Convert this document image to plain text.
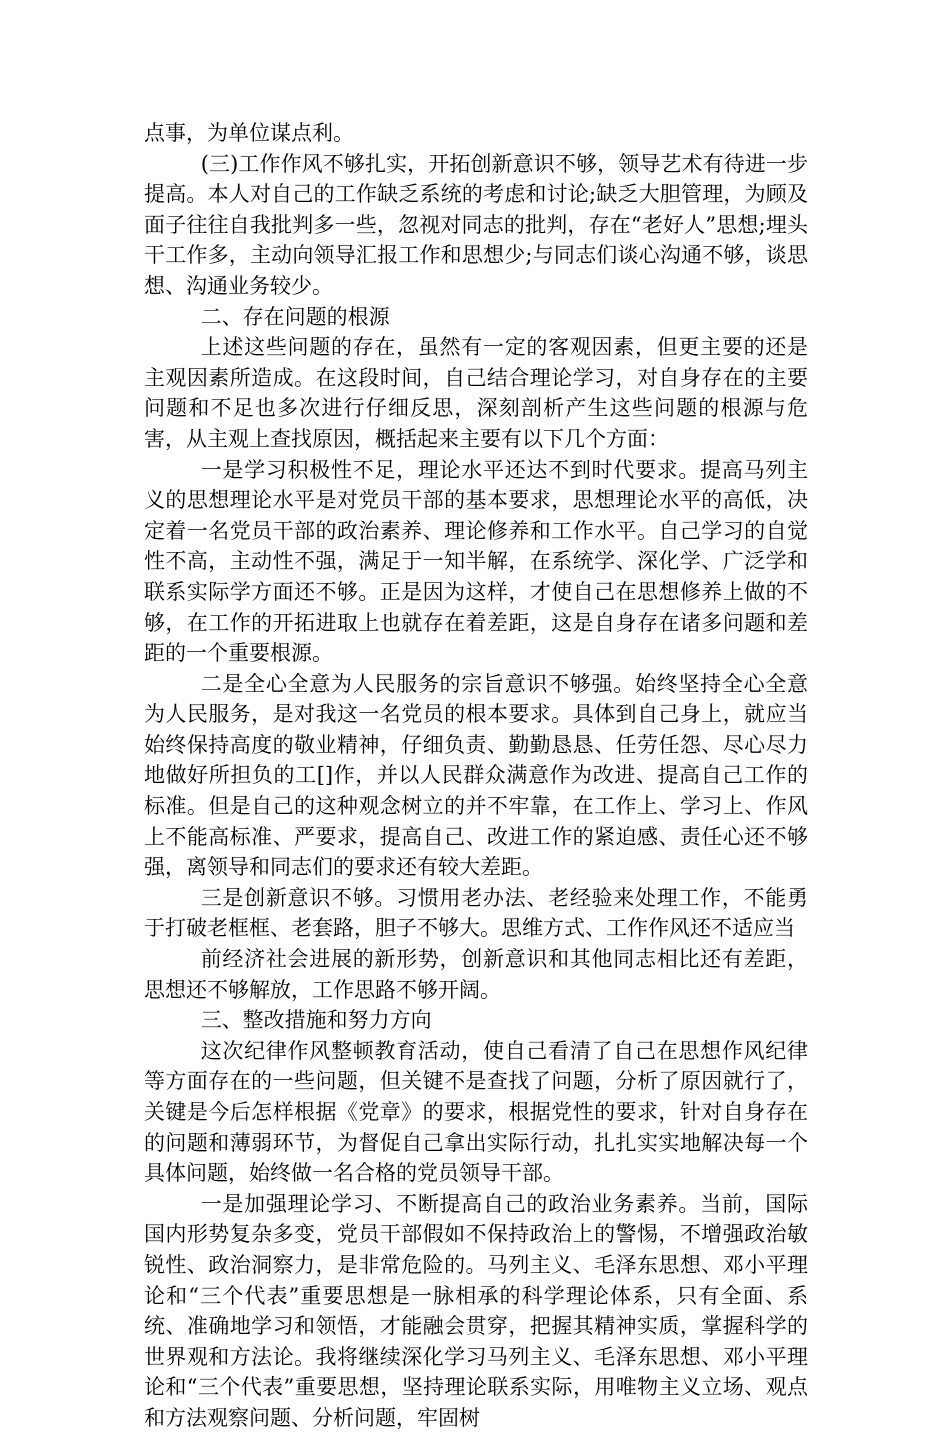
点事，为单位谋点利。

(三)工作作风不够扎实，开拓创新意识不够，领导艺术有待进一步提高。本人对自己的工作缺乏系统的考虑和讨论;缺乏大胆管理，为顾及面子往往自我批判多一些，忽视对同志的批判，存在“老好人”思想;埋头干工作多，主动向领导汇报工作和思想少;与同志们谈心沟通不够，谈思想、沟通业务较少。

二、存在问题的根源

上述这些问题的存在，虽然有一定的客观因素，但更主要的还是主观因素所造成。在这段时间，自己结合理论学习，对自身存在的主要问题和不足也多次进行仔细反思，深刻剖析产生这些问题的根源与危害，从主观上查找原因，概括起来主要有以下几个方面：

一是学习积极性不足，理论水平还达不到时代要求。提高马列主义的思想理论水平是对党员干部的基本要求，思想理论水平的高低，决定着一名党员干部的政治素养、理论修养和工作水平。自己学习的自觉性不高，主动性不强，满足于一知半解，在系统学、深化学、广泛学和联系实际学方面还不够。正是因为这样，才使自己在思想修养上做的不够，在工作的开拓进取上也就存在着差距，这是自身存在诸多问题和差距的一个重要根源。

二是全心全意为人民服务的宗旨意识不够强。始终坚持全心全意为人民服务，是对我这一名党员的根本要求。具体到自己身上，就应当始终保持高度的敬业精神，仔细负责、勤勤恳恳、任劳任怨、尽心尽力地做好所担负的工[]作，并以人民群众满意作为改进、提高自己工作的标准。但是自己的这种观念树立的并不牢靠，在工作上、学习上、作风上不能高标准、严要求，提高自己、改进工作的紧迫感、责任心还不够强，离领导和同志们的要求还有较大差距。

三是创新意识不够。习惯用老办法、老经验来处理工作，不能勇于打破老框框、老套路，胆子不够大。思维方式、工作作风还不适应当

前经济社会进展的新形势，创新意识和其他同志相比还有差距，思想还不够解放，工作思路不够开阔。

三、整改措施和努力方向

这次纪律作风整顿教育活动，使自己看清了自己在思想作风纪律等方面存在的一些问题，但关键不是查找了问题，分析了原因就行了，关键是今后怎样根据《党章》的要求，根据党性的要求，针对自身存在的问题和薄弱环节，为督促自己拿出实际行动，扎扎实实地解决每一个具体问题，始终做一名合格的党员领导干部。

一是加强理论学习、不断提高自己的政治业务素养。当前，国际国内形势复杂多变，党员干部假如不保持政治上的警惕，不增强政治敏锐性、政治洞察力，是非常危险的。马列主义、毛泽东思想、邓小平理论和“三个代表”重要思想是一脉相承的科学理论体系，只有全面、系统、准确地学习和领悟，才能融会贯穿，把握其精神实质，掌握科学的世界观和方法论。我将继续深化学习马列主义、毛泽东思想、邓小平理论和“三个代表”重要思想，坚持理论联系实际，用唯物主义立场、观点和方法观察问题、分析问题，牢固树
